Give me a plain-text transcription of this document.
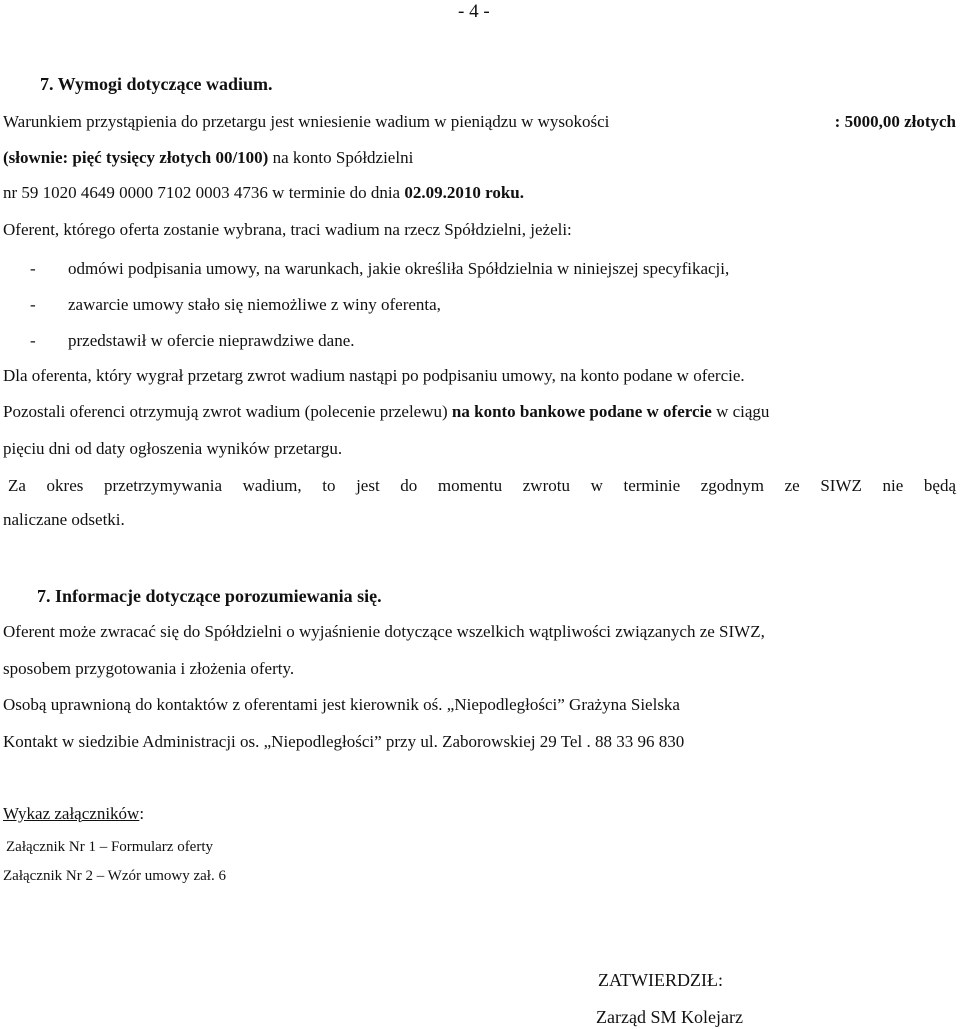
- 4 -
7. Wymogi dotyczące wadium.
Warunkiem przystąpienia do przetargu jest wniesienie wadium w pieniądzu w wysokości	: 5000,00 złotych
(słownie: pięć tysięcy złotych 00/100) na konto Spółdzielni
nr 59 1020 4649 0000 7102 0003 4736 w terminie do dnia 02.09.2010 roku.
Oferent, którego oferta zostanie wybrana, traci wadium na rzecz Spółdzielni, jeżeli:
- odmówi podpisania umowy, na warunkach, jakie określiła Spółdzielnia w niniejszej specyfikacji,
- zawarcie umowy stało się niemożliwe z winy oferenta,
- przedstawił w ofercie nieprawdziwe dane.
Dla oferenta, który wygrał przetarg zwrot wadium nastąpi po podpisaniu umowy, na konto podane w ofercie.
Pozostali oferenci otrzymują zwrot wadium (polecenie przelewu) na konto bankowe podane w ofercie w ciągu
pięciu dni od daty ogłoszenia wyników przetargu.
Za okres przetrzymywania wadium, to jest do momentu zwrotu w terminie zgodnym ze SIWZ nie będą
naliczane odsetki.
7. Informacje dotyczące porozumiewania się.
Oferent może zwracać się do Spółdzielni o wyjaśnienie dotyczące wszelkich wątpliwości związanych ze SIWZ,
sposobem przygotowania i złożenia oferty.
Osobą uprawnioną do kontaktów z oferentami jest kierownik oś. „Niepodległości” Grażyna Sielska
Kontakt w siedzibie Administracji os. „Niepodległości” przy ul. Zaborowskiej 29 Tel . 88 33 96 830
Wykaz załączników:
Załącznik Nr 1 – Formularz oferty
Załącznik Nr 2 – Wzór umowy zał. 6
ZATWIERDZIŁ:
Zarząd SM Kolejarz
